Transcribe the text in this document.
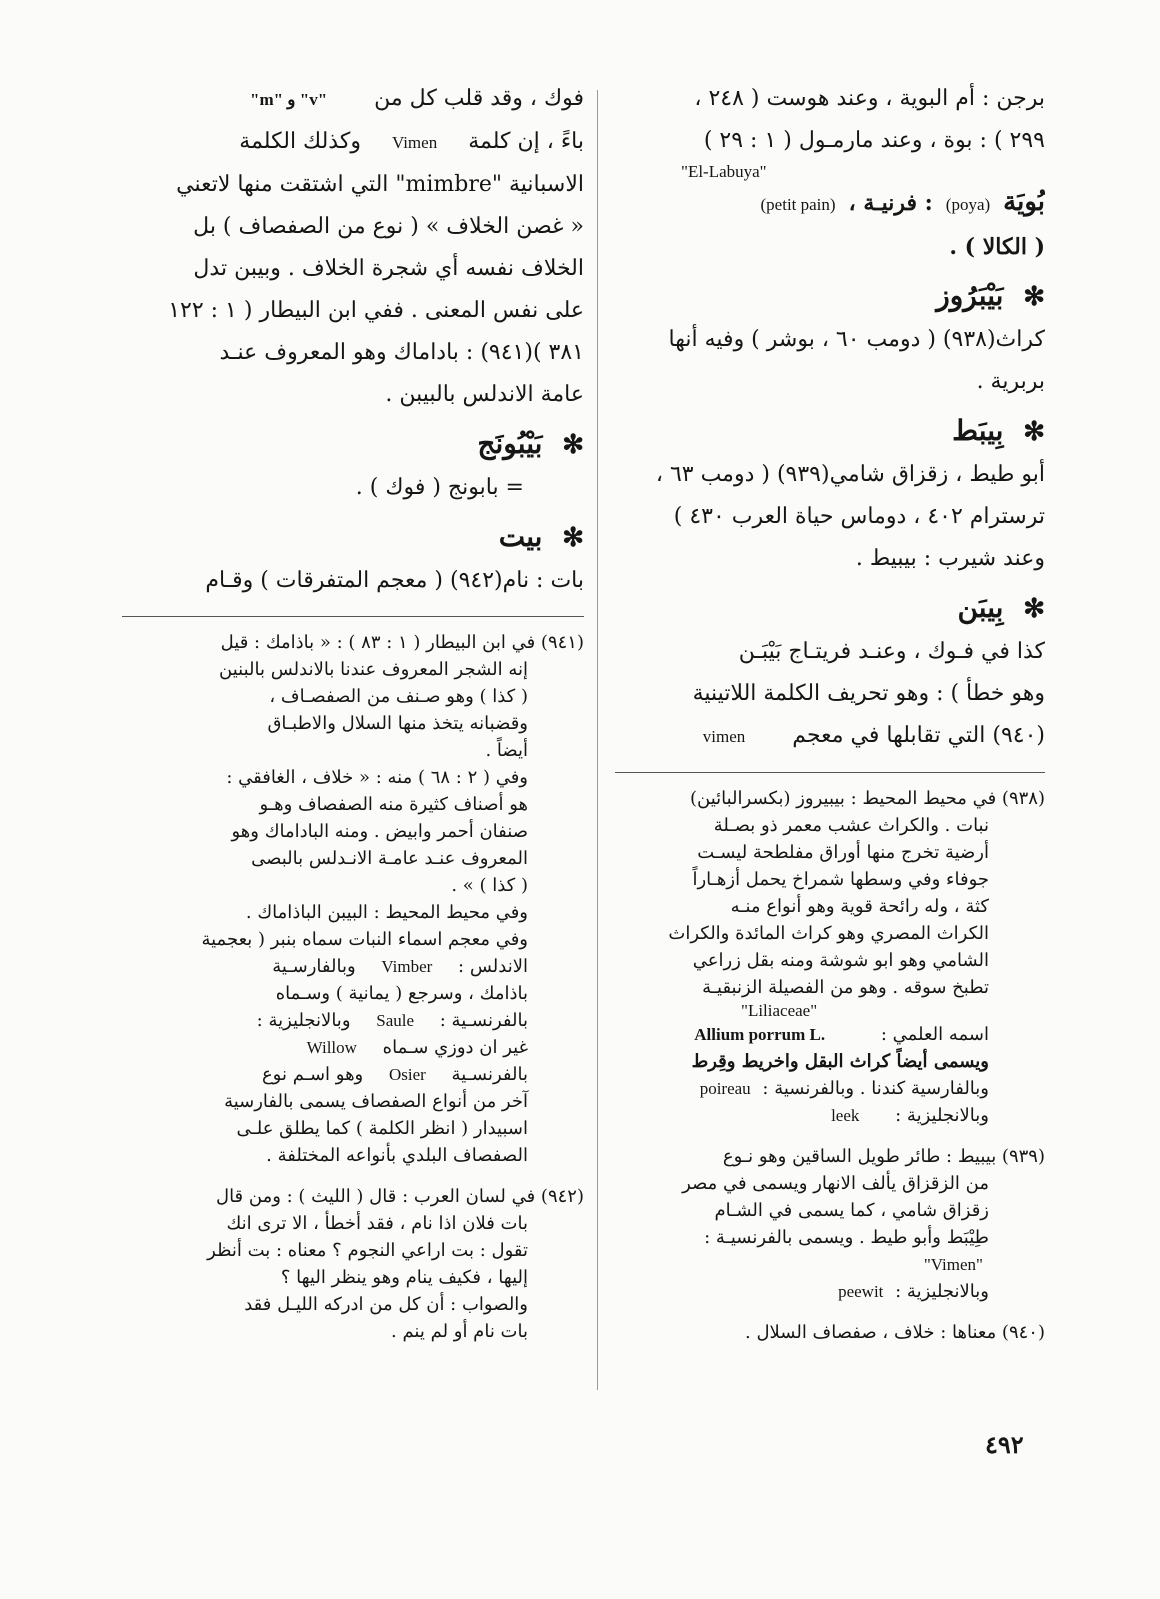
برجن : أم البوية ، وعند هوست ( ٢٤٨ ،
٢٩٩ ) : بوة ، وعند مارمـول ( ١ : ٢٩ )
"El-Labuya"
بُويَة (poya) : فرنيـة ، (petit pain)
( الكالا ) .
✻ بَيْبَرُوز
كراث(٩٣٨) ( دومب ٦٠ ، بوشر ) وفيه أنها
بربرية .
✻ بِيبَط
أبو طيط ، زقزاق شامي(٩٣٩) ( دومب ٦٣ ،
ترسترام ٤٠٢ ، دوماس حياة العرب ٤٣٠ )
وعند شيرب : بيبيط .
✻ بِيبَن
كذا في فـوك ، وعنـد فريتـاج بَيْبَـن
وهو خطأ ) : وهو تحريف الكلمة اللاتينية
(٩٤٠) التي تقابلها في معجم vimen
(٩٣٨) في محيط المحيط : بيبيروز (بكسرالبائين)
نبات . والكراث عشب معمر ذو بصـلة
أرضية تخرج منها أوراق مفلطحة ليسـت
جوفاء وفي وسطها شمراخ يحمل أزهـاراً
كثة ، وله رائحة قوية وهو أنواع منـه
الكراث المصري وهو كراث المائدة والكراث
الشامي وهو ابو شوشة ومنه بقل زراعي
تطبخ سوقه . وهو من الفصيلة الزنبقيـة
"Liliaceae"
اسمه العلمي : Allium porrum L.
ويسمى أيضاً كراث البقل واخريط وقِرط
وبالفارسية كندنا . وبالفرنسية : poireau
وبالانجليزية : leek
(٩٣٩) بيبيط : طائر طويل الساقين وهو نـوع
من الزقزاق يألف الانهار ويسمى في مصر
زقزاق شامي ، كما يسمى في الشـام
طِيْبَط وأبو طيط . ويسمى بالفرنسيـة :
"Vimen"
وبالانجليزية : peewit
(٩٤٠) معناها : خلاف ، صفصاف السلال .
فوك ، وقد قلب كل من "m" و "v"
باءً ، إن كلمة Vimen وكذلك الكلمة
الاسبانية "mimbre" التي اشتقت منها لاتعني
« غصن الخلاف » ( نوع من الصفصاف ) بل
الخلاف نفسه أي شجرة الخلاف . وبيبن تدل
على نفس المعنى . ففي ابن البيطار ( ١ : ١٢٢
٣٨١ )(٩٤١) : باداماك وهو المعروف عنـد
عامة الاندلس بالبيبن .
✻ بَيْبُونَج
= بابونج ( فوك ) .
✻ بيت
بات : نام(٩٤٢) ( معجم المتفرقات ) وقـام
(٩٤١) في ابن البيطار ( ١ : ٨٣ ) : « باذامك : قيل
إنه الشجر المعروف عندنا بالاندلس بالبنين
( كذا ) وهو صـنف من الصفصـاف ،
وقضبانه يتخذ منها السلال والاطبـاق
أيضاً .
وفي ( ٢ : ٦٨ ) منه : « خلاف ، الغافقي :
هو أصناف كثيرة منه الصفصاف وهـو
صنفان أحمر وابيض . ومنه الباداماك وهو
المعروف عنـد عامـة الانـدلس بالبصى
( كذا ) » .
وفي محيط المحيط : البيبن الباذاماك .
وفي معجم اسماء النبات سماه بنبر ( بعجمية
الاندلس : Vimber وبالفارسـية
باذامك ، وسرجع ( يمانية ) وسـماه
بالفرنسـية : Saule وبالانجليزية :
غير ان دوزي سـماه Willow
بالفرنسـية Osier وهو اسـم نوع
آخر من أنواع الصفصاف يسمى بالفارسية
اسبيدار ( انظر الكلمة ) كما يطلق علـى
الصفصاف البلدي بأنواعه المختلفة .
(٩٤٢) في لسان العرب : قال ( الليث ) : ومن قال
بات فلان اذا نام ، فقد أخطأ ، الا ترى انك
تقول : بت اراعي النجوم ؟ معناه : بت أنظر
إليها ، فكيف ينام وهو ينظر اليها ؟
والصواب : أن كل من ادركه الليـل فقد
بات نام أو لم ينم .
٤٩٢
